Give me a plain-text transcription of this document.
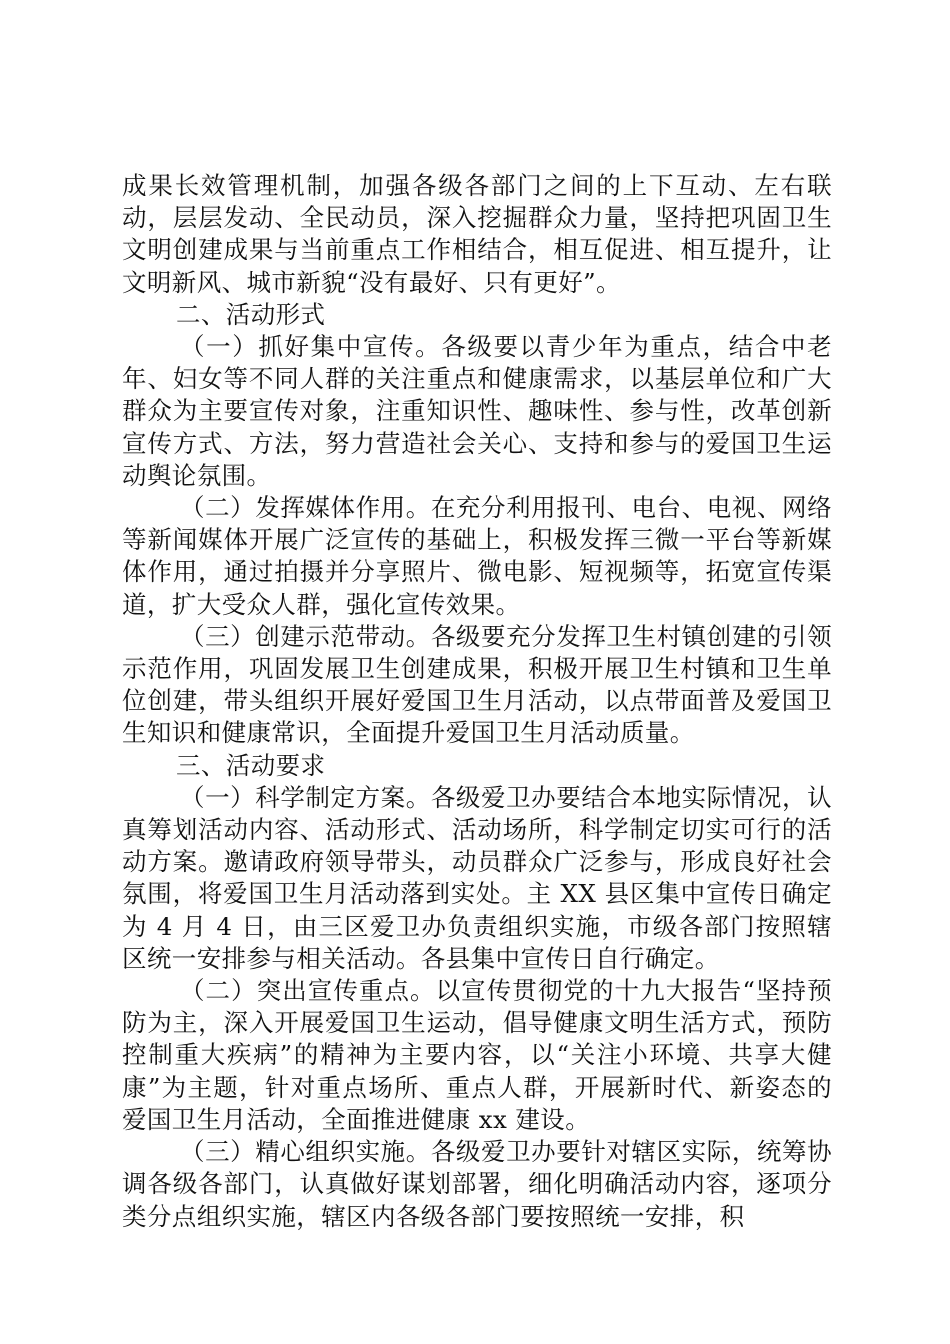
成果长效管理机制，加强各级各部门之间的上下互动、左右联动，层层发动、全民动员，深入挖掘群众力量，坚持把巩固卫生文明创建成果与当前重点工作相结合，相互促进、相互提升，让文明新风、城市新貌“没有最好、只有更好”。

二、活动形式

（一）抓好集中宣传。各级要以青少年为重点，结合中老年、妇女等不同人群的关注重点和健康需求，以基层单位和广大群众为主要宣传对象，注重知识性、趣味性、参与性，改革创新宣传方式、方法，努力营造社会关心、支持和参与的爱国卫生运动舆论氛围。

（二）发挥媒体作用。在充分利用报刊、电台、电视、网络等新闻媒体开展广泛宣传的基础上，积极发挥三微一平台等新媒体作用，通过拍摄并分享照片、微电影、短视频等，拓宽宣传渠道，扩大受众人群，强化宣传效果。

（三）创建示范带动。各级要充分发挥卫生村镇创建的引领示范作用，巩固发展卫生创建成果，积极开展卫生村镇和卫生单位创建，带头组织开展好爱国卫生月活动，以点带面普及爱国卫生知识和健康常识，全面提升爱国卫生月活动质量。

三、活动要求

（一）科学制定方案。各级爱卫办要结合本地实际情况，认真筹划活动内容、活动形式、活动场所，科学制定切实可行的活动方案。邀请政府领导带头，动员群众广泛参与，形成良好社会氛围，将爱国卫生月活动落到实处。主 XX 县区集中宣传日确定为 4 月 4 日，由三区爱卫办负责组织实施，市级各部门按照辖区统一安排参与相关活动。各县集中宣传日自行确定。

（二）突出宣传重点。以宣传贯彻党的十九大报告“坚持预防为主，深入开展爱国卫生运动，倡导健康文明生活方式，预防控制重大疾病”的精神为主要内容，以“关注小环境、共享大健康”为主题，针对重点场所、重点人群，开展新时代、新姿态的爱国卫生月活动，全面推进健康 xx 建设。

（三）精心组织实施。各级爱卫办要针对辖区实际，统筹协调各级各部门，认真做好谋划部署，细化明确活动内容，逐项分类分点组织实施，辖区内各级各部门要按照统一安排，积
